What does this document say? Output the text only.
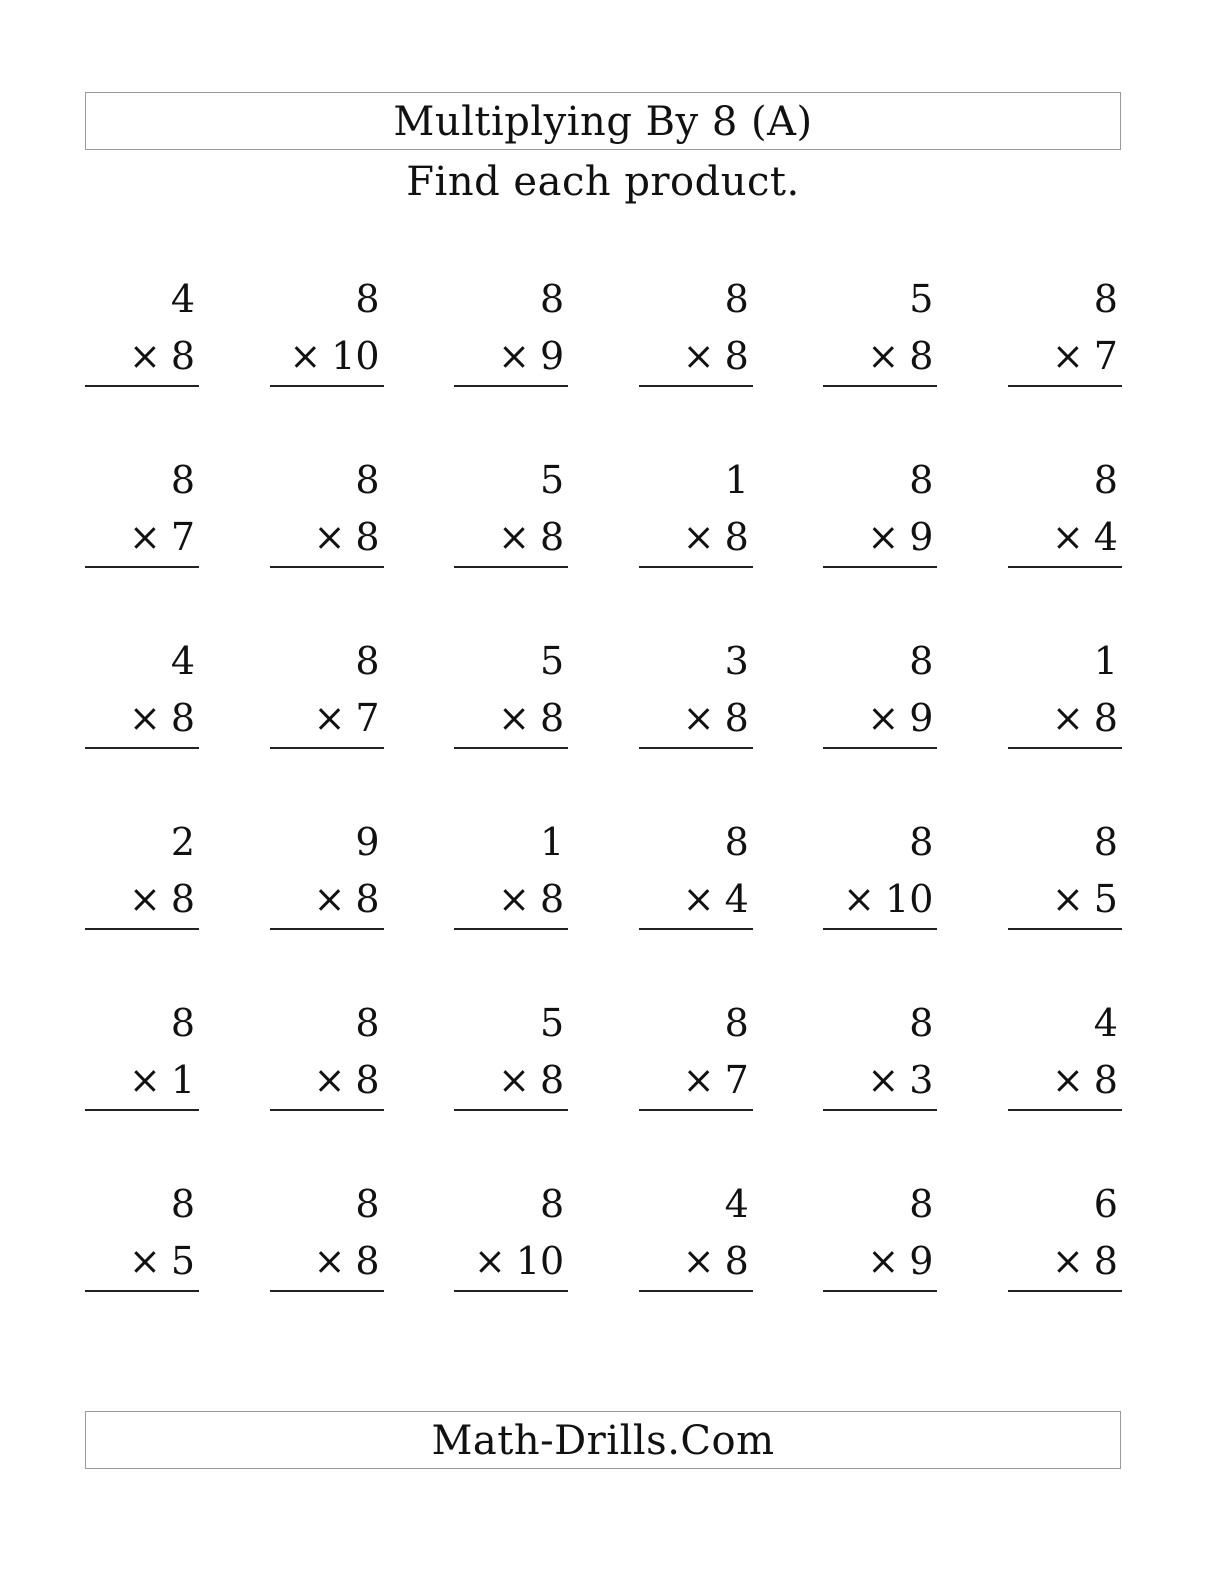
Multiplying By 8 (A)
Find each product.
4
× 8
8
× 10
8
× 9
8
× 8
5
× 8
8
× 7
8
× 7
8
× 8
5
× 8
1
× 8
8
× 9
8
× 4
4
× 8
8
× 7
5
× 8
3
× 8
8
× 9
1
× 8
2
× 8
9
× 8
1
× 8
8
× 4
8
× 10
8
× 5
8
× 1
8
× 8
5
× 8
8
× 7
8
× 3
4
× 8
8
× 5
8
× 8
8
× 10
4
× 8
8
× 9
6
× 8
Math-Drills.Com
